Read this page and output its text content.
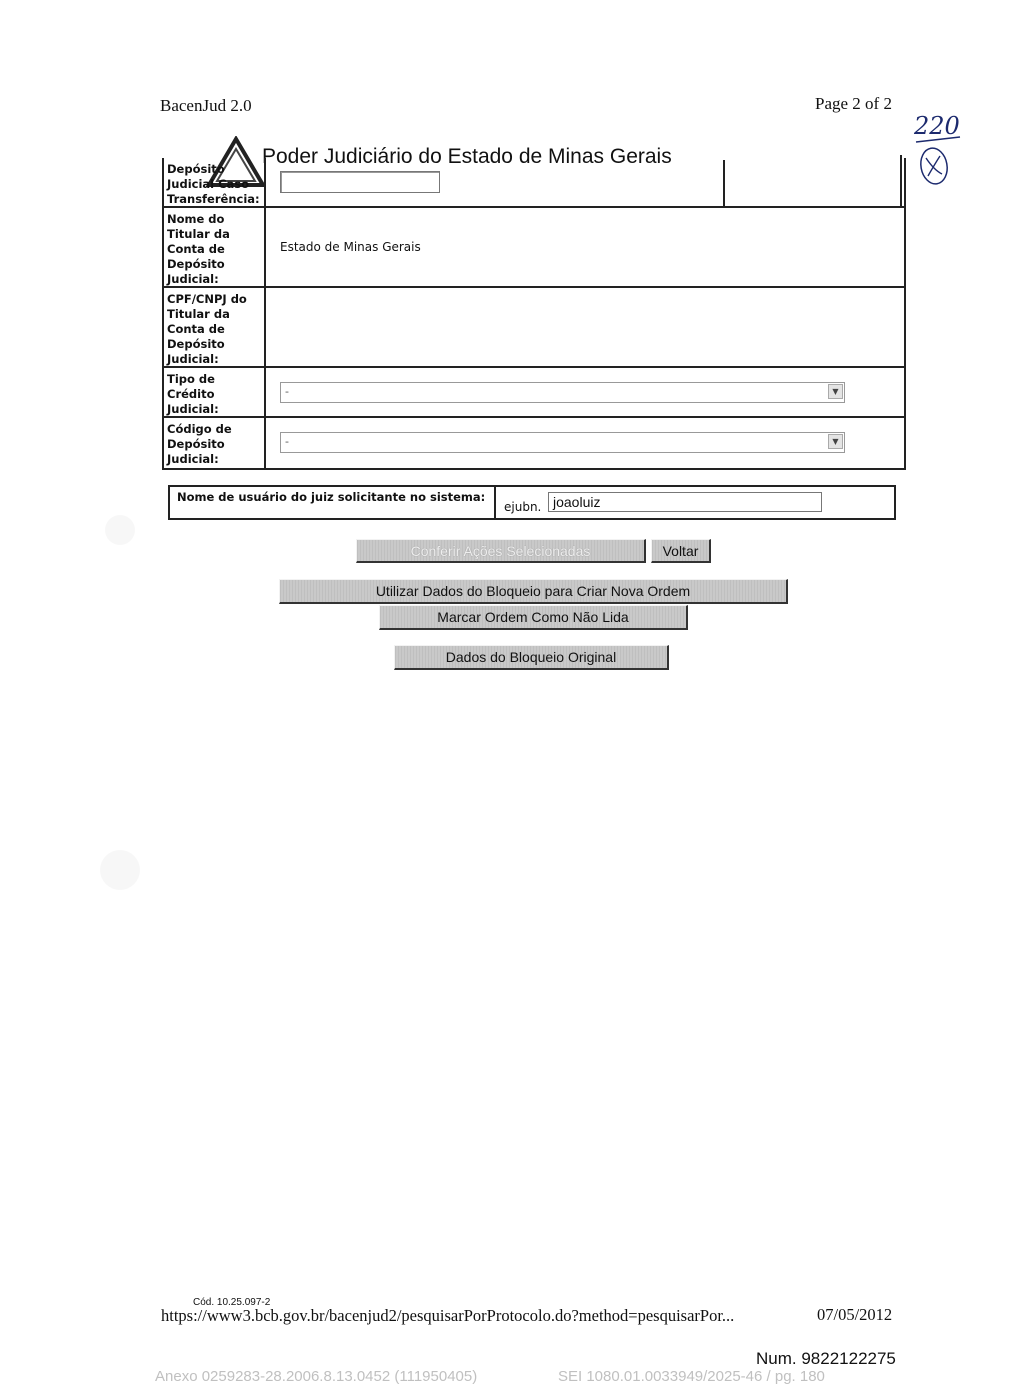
BacenJud 2.0	Page 2 of 2
220
Poder Judiciário do Estado de Minas Gerais
Depósito Judicial Caso Transferência:
Nome do Titular da Conta de Depósito Judicial:
Estado de Minas Gerais
CPF/CNPJ do Titular da Conta de Depósito Judicial:
Tipo de Crédito Judicial:
-	▼
Código de Depósito Judicial:
-	▼
Nome de usuário do juiz solicitante no sistema:
ejubn. joaoluiz
Conferir Ações Selecionadas	Voltar
Utilizar Dados do Bloqueio para Criar Nova Ordem
Marcar Ordem Como Não Lida
Dados do Bloqueio Original
Cód. 10.25.097-2
https://www3.bcb.gov.br/bacenjud2/pesquisarPorProtocolo.do?method=pesquisarPor...	07/05/2012
Num. 9822122275
Anexo 0259283-28.2006.8.13.0452 (111950405)	SEI 1080.01.0033949/2025-46 / pg. 180
